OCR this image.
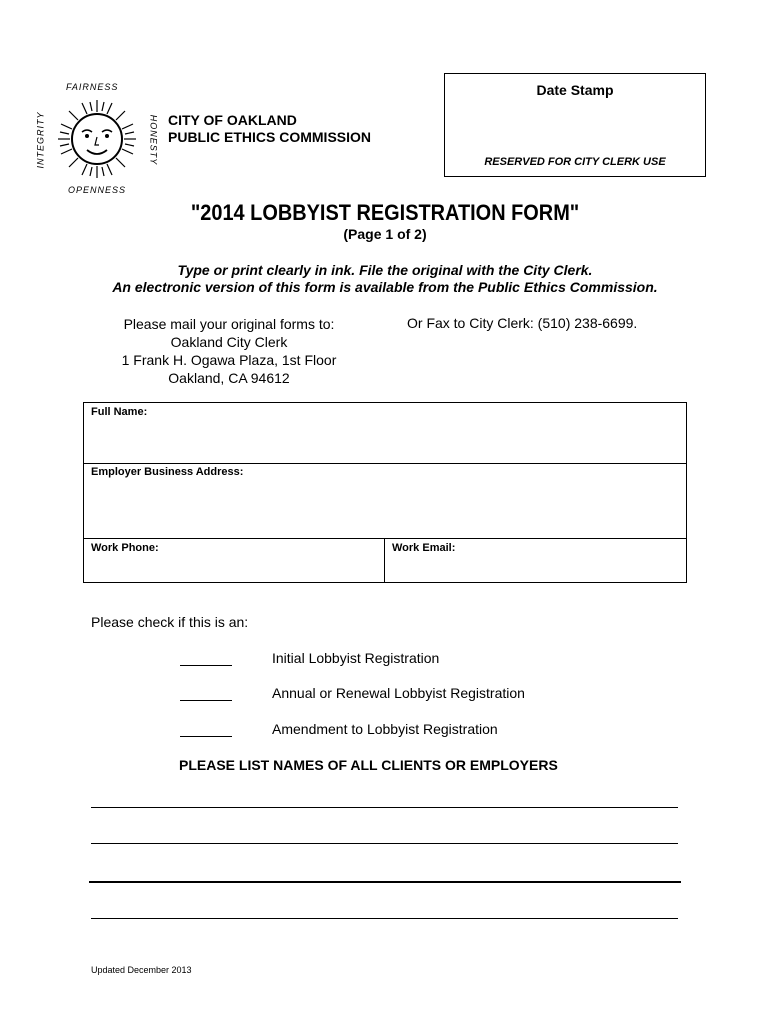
FAIRNESS
OPENNESS
INTEGRITY	HONESTY CITY OF OAKLAND
PUBLIC ETHICS COMMISSION
Date Stamp
RESERVED FOR CITY CLERK USE
"2014 LOBBYIST REGISTRATION FORM"
(Page 1 of 2)
Type or print clearly in ink. File the original with the City Clerk.
An electronic version of this form is available from the Public Ethics Commission.
Please mail your original forms to:
Oakland City Clerk
1 Frank H. Ogawa Plaza, 1st Floor
Oakland, CA 94612
Or Fax to City Clerk: (510) 238-6699.
Full Name:
Employer Business Address:
Work Phone:	Work Email:
Please check if this is an:
Initial Lobbyist Registration
Annual or Renewal Lobbyist Registration
Amendment to Lobbyist Registration
PLEASE LIST NAMES OF ALL CLIENTS OR EMPLOYERS
Updated December 2013
